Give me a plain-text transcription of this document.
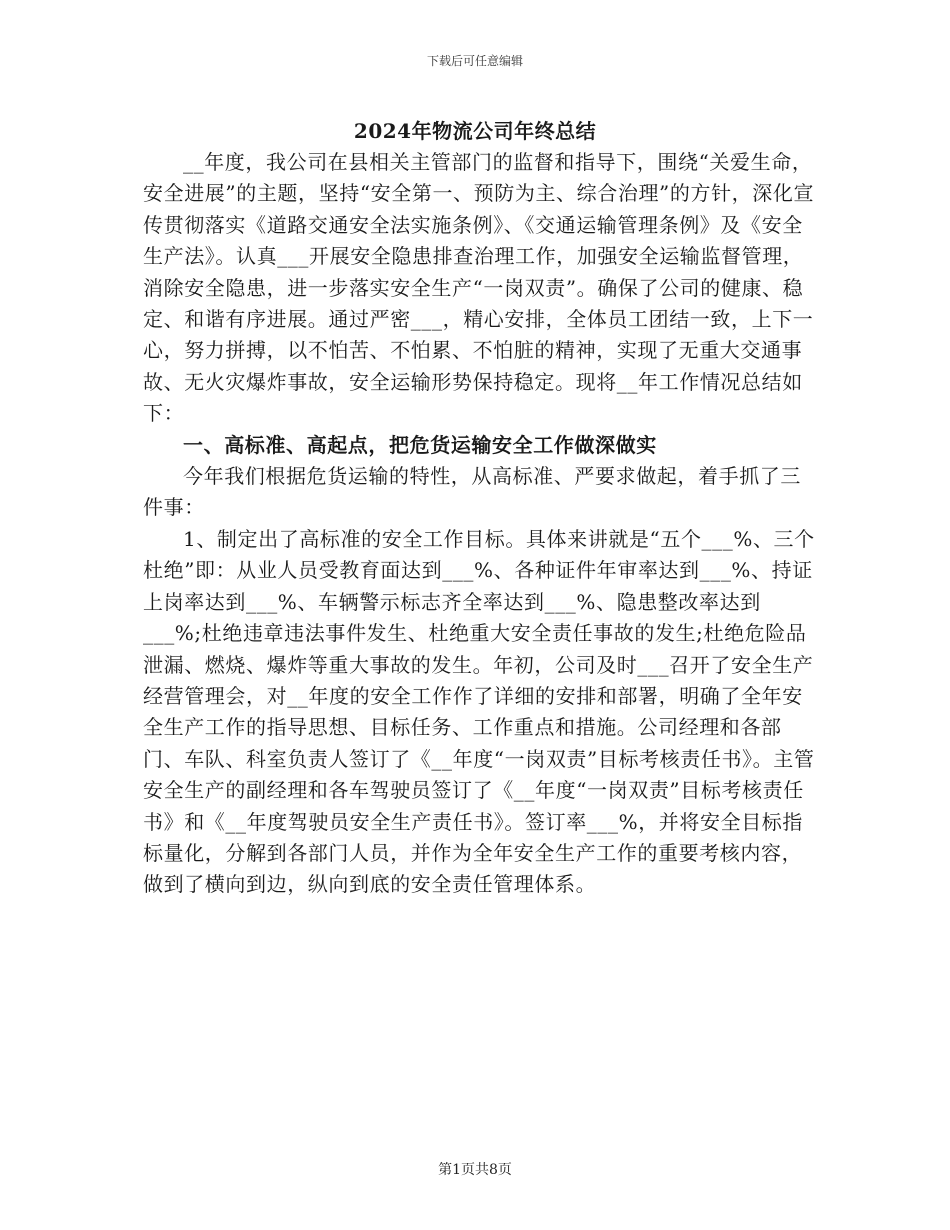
下载后可任意编辑
2024年物流公司年终总结

__年度，我公司在县相关主管部门的监督和指导下，围绕“关爱生命，安全进展”的主题，坚持“安全第一、预防为主、综合治理”的方针，深化宣传贯彻落实《道路交通安全法实施条例》、《交通运输管理条例》及《安全生产法》。认真___开展安全隐患排查治理工作，加强安全运输监督管理，消除安全隐患，进一步落实安全生产“一岗双责”。确保了公司的健康、稳定、和谐有序进展。通过严密___，精心安排，全体员工团结一致，上下一心，努力拼搏，以不怕苦、不怕累、不怕脏的精神，实现了无重大交通事故、无火灾爆炸事故，安全运输形势保持稳定。现将__年工作情况总结如下：

一、高标准、高起点，把危货运输安全工作做深做实

今年我们根据危货运输的特性，从高标准、严要求做起，着手抓了三件事：

1、制定出了高标准的安全工作目标。具体来讲就是“五个___%、三个杜绝”即：从业人员受教育面达到___%、各种证件年审率达到___%、持证上岗率达到___%、车辆警示标志齐全率达到___%、隐患整改率达到___%;杜绝违章违法事件发生、杜绝重大安全责任事故的发生;杜绝危险品泄漏、燃烧、爆炸等重大事故的发生。年初，公司及时___召开了安全生产经营管理会，对__年度的安全工作作了详细的安排和部署，明确了全年安全生产工作的指导思想、目标任务、工作重点和措施。公司经理和各部门、车队、科室负责人签订了《__年度“一岗双责”目标考核责任书》。主管安全生产的副经理和各车驾驶员签订了《__年度“一岗双责”目标考核责任书》和《__年度驾驶员安全生产责任书》。签订率___%，并将安全目标指标量化，分解到各部门人员，并作为全年安全生产工作的重要考核内容，做到了横向到边，纵向到底的安全责任管理体系。

第1页共8页
